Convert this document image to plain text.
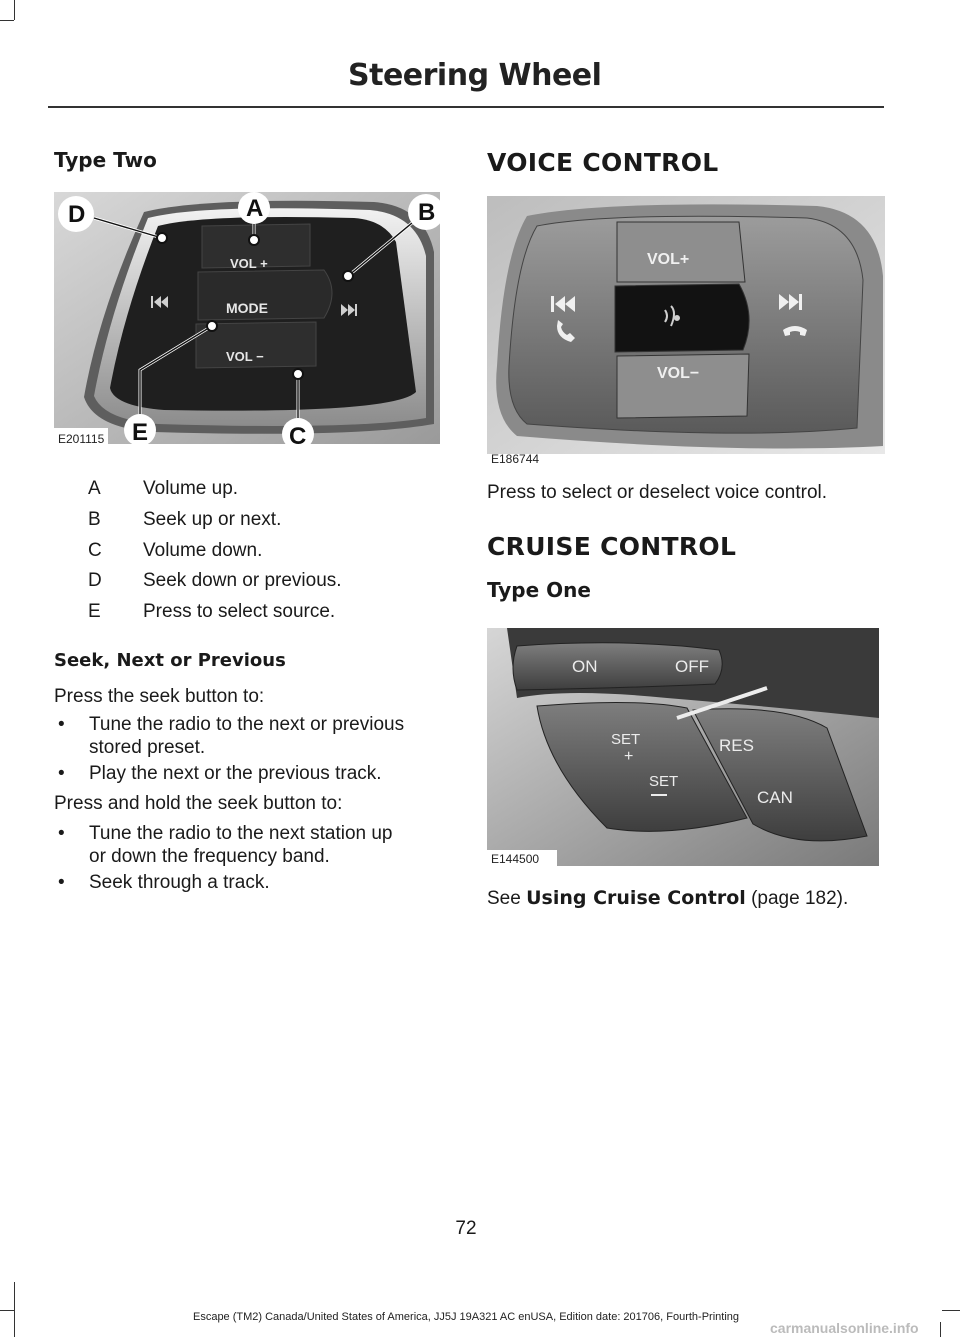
Steering Wheel
Type Two
VOL +
MODE
VOL −
D	A	B
C
E
E201115
A Volume up.
B Seek up or next.
C Volume down.
D Seek down or previous.
E Press to select source.
Seek, Next or Previous
Press the seek button to:
• Tune the radio to the next or previous
stored preset.
• Play the next or the previous track.
Press and hold the seek button to:
• Tune the radio to the next station up
or down the frequency band.
• Seek through a track.
VOICE CONTROL
VOL+
VOL−
E186744
Press to select or deselect voice control.
CRUISE CONTROL
Type One
ON	OFF
SET
+
SET
RES
CAN
E144500
See Using Cruise Control (page 182).
72
Escape (TM2) Canada/United States of America, JJ5J 19A321 AC enUSA, Edition date: 201706, Fourth-Printing
carmanualsonline.info
